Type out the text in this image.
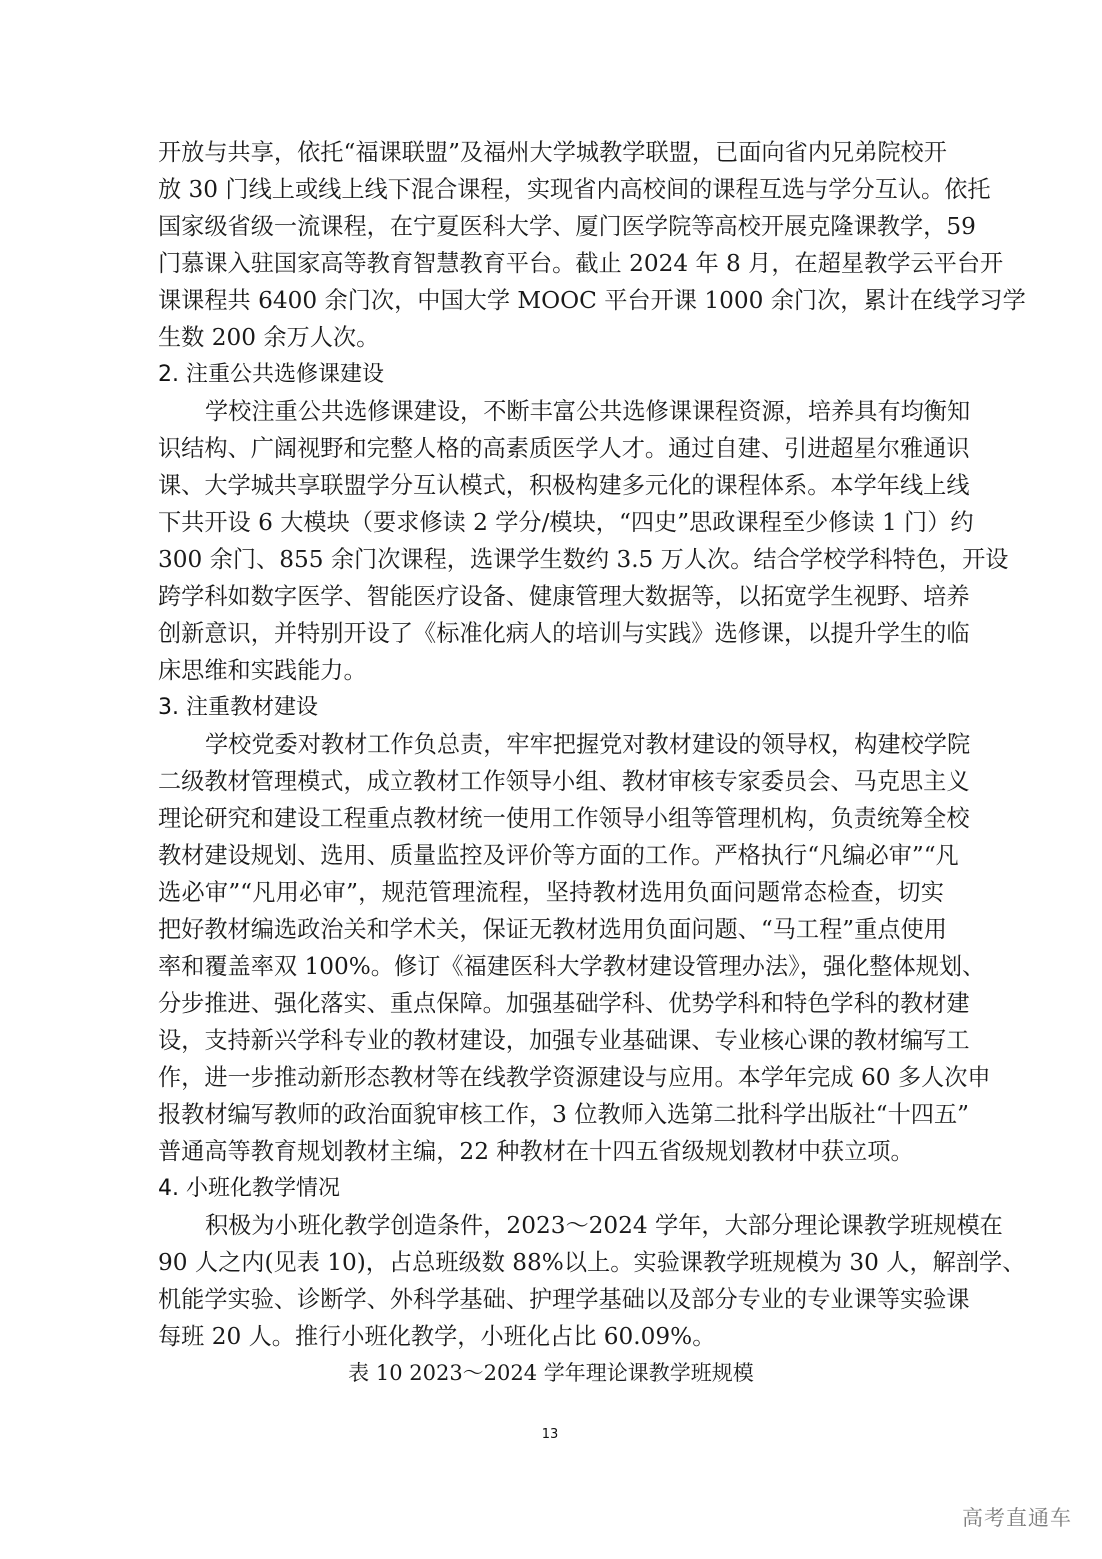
开放与共享，依托“福课联盟”及福州大学城教学联盟，已面向省内兄弟院校开
放 30 门线上或线上线下混合课程，实现省内高校间的课程互选与学分互认。依托
国家级省级一流课程，在宁夏医科大学、厦门医学院等高校开展克隆课教学，59
门慕课入驻国家高等教育智慧教育平台。截止 2024 年 8 月，在超星教学云平台开
课课程共 6400 余门次，中国大学 MOOC 平台开课 1000 余门次，累计在线学习学
生数 200 余万人次。
2. 注重公共选修课建设
学校注重公共选修课建设，不断丰富公共选修课课程资源，培养具有均衡知
识结构、广阔视野和完整人格的高素质医学人才。通过自建、引进超星尔雅通识
课、大学城共享联盟学分互认模式，积极构建多元化的课程体系。本学年线上线
下共开设 6 大模块（要求修读 2 学分/模块，“四史”思政课程至少修读 1 门）约
300 余门、855 余门次课程，选课学生数约 3.5 万人次。结合学校学科特色，开设
跨学科如数字医学、智能医疗设备、健康管理大数据等，以拓宽学生视野、培养
创新意识，并特别开设了《标准化病人的培训与实践》选修课，以提升学生的临
床思维和实践能力。
3. 注重教材建设
学校党委对教材工作负总责，牢牢把握党对教材建设的领导权，构建校学院
二级教材管理模式，成立教材工作领导小组、教材审核专家委员会、马克思主义
理论研究和建设工程重点教材统一使用工作领导小组等管理机构，负责统筹全校
教材建设规划、选用、质量监控及评价等方面的工作。严格执行“凡编必审”“凡
选必审”“凡用必审”，规范管理流程，坚持教材选用负面问题常态检查，切实
把好教材编选政治关和学术关，保证无教材选用负面问题、“马工程”重点使用
率和覆盖率双 100%。修订《福建医科大学教材建设管理办法》，强化整体规划、
分步推进、强化落实、重点保障。加强基础学科、优势学科和特色学科的教材建
设，支持新兴学科专业的教材建设，加强专业基础课、专业核心课的教材编写工
作，进一步推动新形态教材等在线教学资源建设与应用。本学年完成 60 多人次申
报教材编写教师的政治面貌审核工作，3 位教师入选第二批科学出版社“十四五”
普通高等教育规划教材主编，22 种教材在十四五省级规划教材中获立项。
4. 小班化教学情况
积极为小班化教学创造条件，2023～2024 学年，大部分理论课教学班规模在
90 人之内(见表 10)，占总班级数 88%以上。实验课教学班规模为 30 人，解剖学、
机能学实验、诊断学、外科学基础、护理学基础以及部分专业的专业课等实验课
每班 20 人。推行小班化教学，小班化占比 60.09%。
表 10 2023～2024 学年理论课教学班规模
13
高考直通车
